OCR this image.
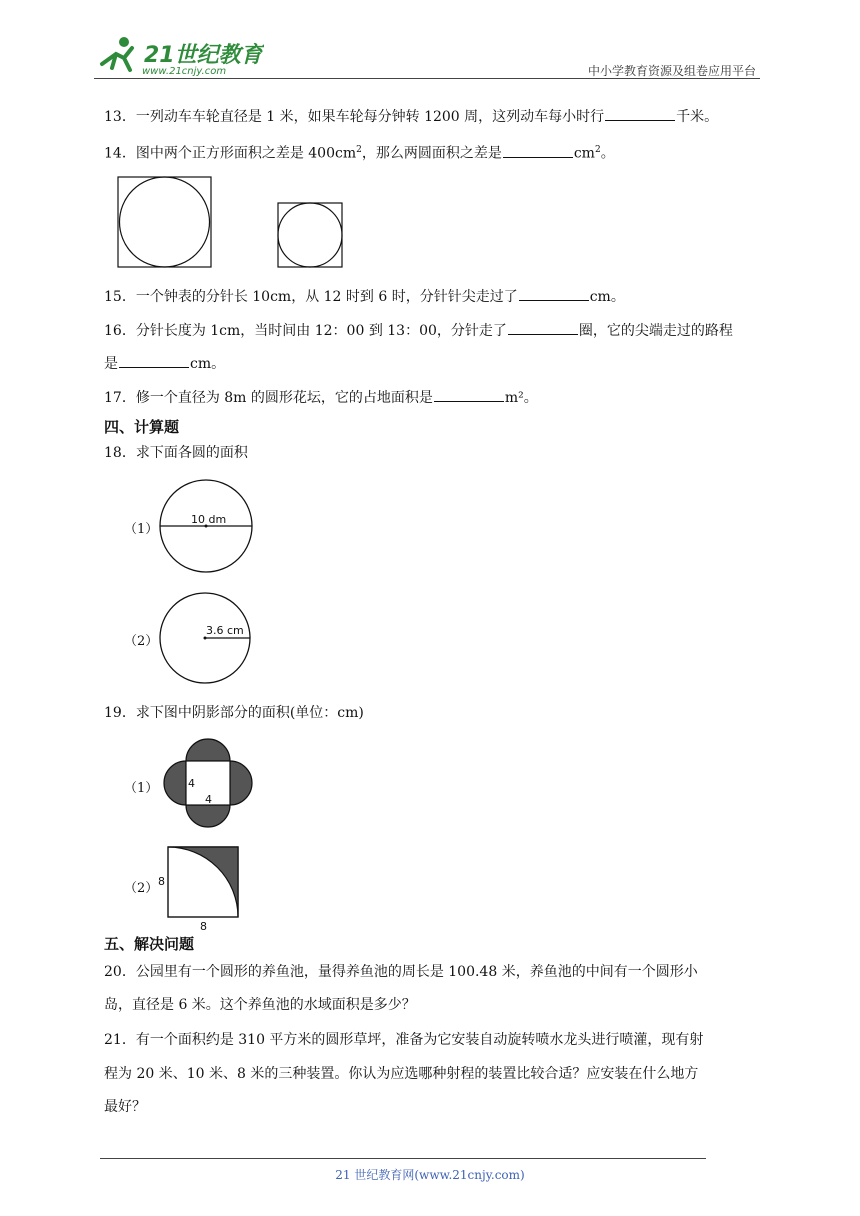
21世纪教育
www.21cnjy.com	中小学教育资源及组卷应用平台
13．一列动车车轮直径是 1 米，如果车轮每分钟转 1200 周，这列动车每小时行	千米。
14．图中两个正方形面积之差是 $400cm^2$，那么两圆面积之差是	$cm^2$。
15．一个钟表的分针长 10cm，从 12 时到 6 时，分针针尖走过了	cm。
16．分针长度为 1cm，当时间由 12：00 到 13：00，分针走了	圈，它的尖端走过的路程
是	cm。
17．修一个直径为 8m 的圆形花坛，它的占地面积是	m²。
四、计算题
18．求下面各圆的面积
（1）
10 dm
（2）
3.6 cm
19．求下图中阴影部分的面积(单位：cm)
（1）	4
4
（2） 8
8
五、解决问题
20．公园里有一个圆形的养鱼池，量得养鱼池的周长是 100.48 米，养鱼池的中间有一个圆形小
岛，直径是 6 米。这个养鱼池的水域面积是多少？
21．有一个面积约是 310 平方米的圆形草坪，准备为它安装自动旋转喷水龙头进行喷灌，现有射
程为 20 米、10 米、8 米的三种装置。你认为应选哪种射程的装置比较合适？应安装在什么地方
最好？
21 世纪教育网(www.21cnjy.com)
